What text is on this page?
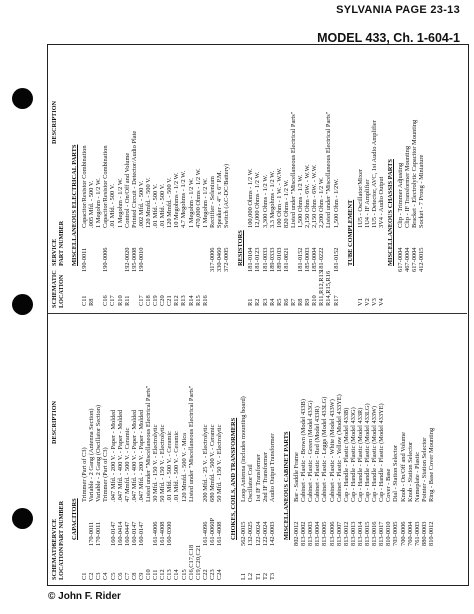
SYLVANIA PAGE 23-13
MODEL 433, Ch. 1-604-1
SCHEMATIC
LOCATION
SERVICE
PART NUMBER
DESCRIPTION
SCHEMATIC
LOCATION
SERVICE
PART NUMBER
DESCRIPTION
CAPACITORS
C1
Trimmer (Part of C3)
C2
170-0011
Variable - 2 Gang (Antenna Section)
C3
170-0011
Variable - 2 Gang (Oscillator Section)
C4
Trimmer (Part of C3)
C5
160-0147
.047 Mfd. - 200 V. - Paper - Molded
C6
160-0414
.047 Mfd. - 400 V. - Paper - Molded
C7
160-0447
47 Mmfd. - 500 V. - Ceramic
C8
160-0147
.047 Mfd. - 400 V. - Paper - Molded
C9
160-0147
.047 Mfd. - 200 V. - Paper - Molded
C10
Listed under "Miscellaneous Electrical Parts"
C11
161-4006
30 Mfd. - 150 V. - Electrolytic
C12
161-4008
50 Mfd. - 150 V. - Electrolytic
C13
160-0300
.01 Mfd. - 500 V. - Ceramic
C14
.01 Mfd. - 500 V. - Ceramic
C15
120 Mmfd. - 500 V. - Mica
C16,C17,C18
Listed under "Miscellaneous Electrical Parts"
C19,C20,C21 C22
161-4096
200 Mfd. - 25 V. - Electrolytic
C23
161-0060P
680 Mmfd. - 500 V. - Ceramic
C24
161-4008
50 Mfd. - 150 V. - Electrolytic CHOKES, COILS, AND TRANSFORMERS
L1
562-0015
Loop Antenna (includes mounting board)
L2
132-0025
Oscillator Coil
T1
122-0024
1st IF Transformer
T2
122-0024
2nd IF Transformer
T3
142-0003
Audio Output Transformer MISCELLANEOUS CABINET PARTS 802-0012
Bar - Saddle Frame
813-0002
Cabinet - Plastic - Brown (Model 433B)
813-0003
Cabinet - Plastic - Green (Model 433G)
813-0004
Cabinet - Plastic - Red (Model 433R)
813-0005
Cabinet - Plastic - Leggs (Model 433LG)
813-0006
Cabinet - Plastic - White (Model 433W)
813-0007
Cabinet - Plastic - Yellow (Model 433YE)
813-0012
Cap - Handle - Plastic (Model 433B)
813-0013
Cap - Handle - Plastic (Model 433G)
813-0014
Cap - Handle - Plastic (Model 433R)
813-0015
Cap - Handle - Plastic (Model 433LG)
813-0016
Cap - Handle - Plastic (Model 433W)
813-0017
Cap - Handle - Plastic (Model 433YE)
810-0010
Cover - Base
703-0005
Dial - Station Selector
700-0006
Knob - On/Off and Volume
760-0004
Knob - Station Selector
761-0003
Nameplate - Plastic
880-0003
Pointer - Station Selector
810-0012
Ring - Base Cover Mounting
C11
190-0011
Capacitor/Resistor Combination
R8
.005 Mfd. - 500 V. 1 Megohm - 1/2 W.
C16
190-0006
Capacitor/Resistor Combination
C17
.01 Mfd. - 500 V.
R10
1 Megohm - 1/2 W.
R11
192-0020
Control - On/Off and Volume
195-0008
Printed Circuit - Detector/Audio Plate
C17
190-0010
.002 Mfd. - 500 V.
C18
120 Mmfd. - 500 V.
C19
.01 Mfd. - 500 V.
C20
.01 Mfd. - 500 V.
C21
120 Mmfd. - 500 V.
R12
10 Megohms - 1/2 W.
R13
4.7 Megohms - 1/2 W.
R14
1 Megohm - 1/2 W.
R15
470,000 Ohms - 1/2 W.
R16
1 Megohm - 1/2 W.
317-0006
Rectifier - Selenium
330-0460
Speaker - 4" x 6" P.M.
372-0005
Switch (AC-DC/Battery)
RESISTORS
R1
181-0104
100,000 Ohms - 1/2 W.
R2
181-0123
12,000 Ohms - 1/2 W.
R3
181-0033
3,300 Ohms - 1/2 W.
R4
189-0333
3.3 Megohms - 1/2 W.
R5
189-0103
100 Ohm - 1 W. - W.W.
R6
181-0821
820 Ohms - 1/2 W.
R7
Listed under "Miscellaneous Electrical Parts"
R8
181-0152
1,500 Ohms - 1/2 W.
R9
185-0003
2,150 Ohm - 6W. - W.W.
R10
185-0004
2,150 Ohm - 6W. - W.W.
R11,R12,R13
181-0222
2,200 Ohm - 1/2 W.
R14,R15,R16
Listed under "Miscellaneous Electrical Parts"
R17
181-0152
1,500 Ohm - 1/2W. TUBE COMPLEMENT
V1
1U5 - Oscillator/Mixer
V2
1U4 - IF Amplifier
V3
1U5 - Detector, AVC, 1st Audio Amplifier
V4
3V4 - Audio Output
MISCELLANEOUS ELECTRICAL PARTS	MISCELLANEOUS CHASSIS PARTS 617-0004
Clip - Trimmer Adjusting
467-0004
Clip - IF Transformer Mounting
617-0004
Bracket - Electrolytic Capacitor Mounting
412-0015
Socket - 7 Prong - Miniature
© John F. Rider
